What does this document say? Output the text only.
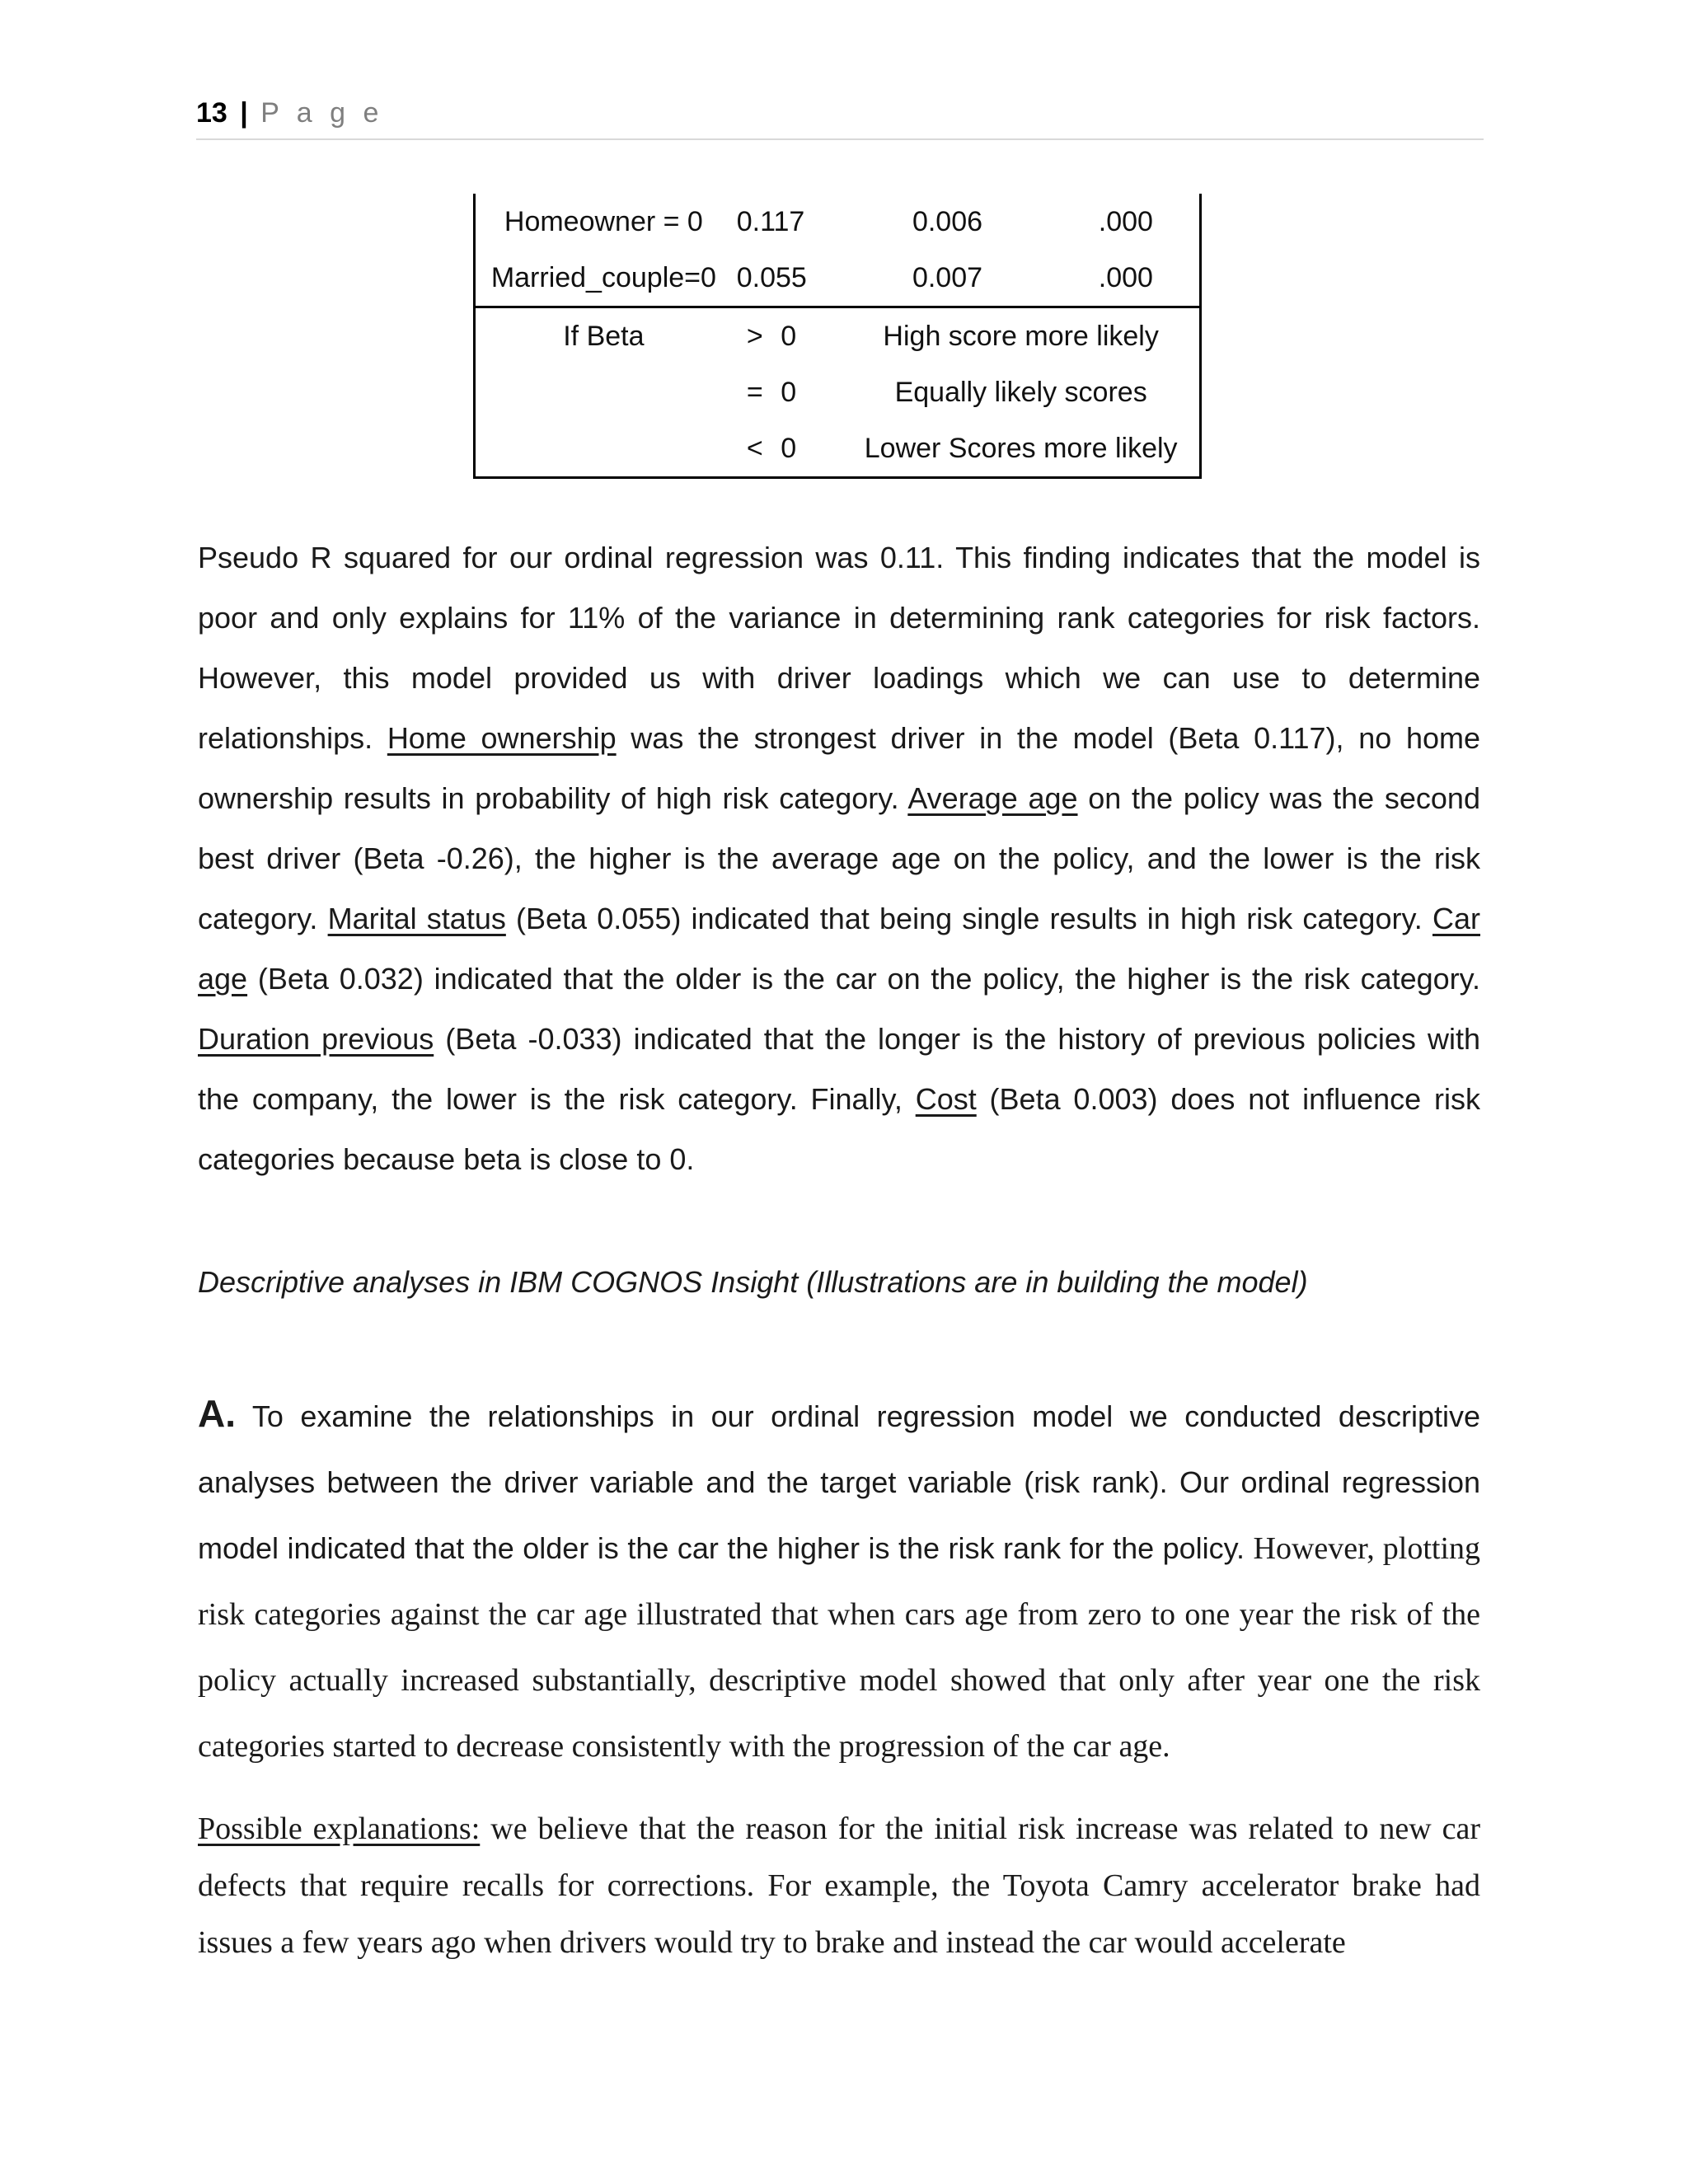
13 | P a g e
Homeowner = 0	0.117	0.006	.000
Married_couple=0	0.055	0.007	.000
If Beta	> 0	High score more likely	
	= 0	Equally likely scores	
	< 0	Lower Scores more likely	
Pseudo R squared for our ordinal regression was 0.11. This finding indicates that the model is poor and only explains for 11% of the variance in determining rank categories for risk factors. However, this model provided us with driver loadings which we can use to determine relationships. Home ownership was the strongest driver in the model (Beta 0.117), no home ownership results in probability of high risk category. Average age on the policy was the second best driver (Beta -0.26), the higher is the average age on the policy, and the lower is the risk category. Marital status (Beta 0.055) indicated that being single results in high risk category. Car age (Beta 0.032) indicated that the older is the car on the policy, the higher is the risk category. Duration previous (Beta -0.033) indicated that the longer is the history of previous policies with the company, the lower is the risk category. Finally, Cost (Beta 0.003) does not influence risk categories because beta is close to 0.
Descriptive analyses in IBM COGNOS Insight (Illustrations are in building the model)
A. To examine the relationships in our ordinal regression model we conducted descriptive analyses between the driver variable and the target variable (risk rank). Our ordinal regression model indicated that the older is the car the higher is the risk rank for the policy. However, plotting risk categories against the car age illustrated that when cars age from zero to one year the risk of the policy actually increased substantially, descriptive model showed that only after year one the risk categories started to decrease consistently with the progression of the car age.
Possible explanations: we believe that the reason for the initial risk increase was related to new car defects that require recalls for corrections. For example, the Toyota Camry accelerator brake had issues a few years ago when drivers would try to brake and instead the car would accelerate
